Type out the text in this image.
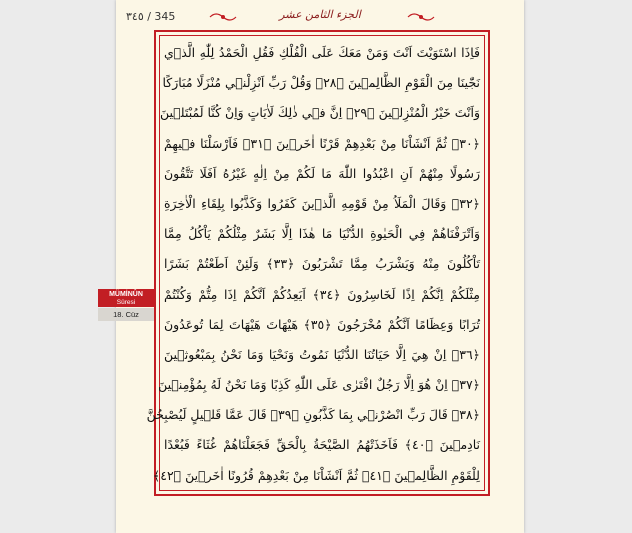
٣٤٥ / 345	الجزء الثامن عشر
فَاِذَا اسْتَوَيْتَ اَنْتَ وَمَنْ مَعَكَ عَلَى الْفُلْكِ فَقُلِ الْحَمْدُ لِلّٰهِ الَّذ۪ي
نَجّٰينَا مِنَ الْقَوْمِ الظَّالِم۪ينَ ﴿٢٨﴾ وَقُلْ رَبِّ اَنْزِلْن۪ي مُنْزَلًا مُبَارَكًا
وَاَنْتَ خَيْرُ الْمُنْزِل۪ينَ ﴿٢٩﴾ اِنَّ ف۪ي ذٰلِكَ لَاٰيَاتٍ وَاِنْ كُنَّا لَمُبْتَل۪ينَ
﴿٣٠﴾ ثُمَّ اَنْشَاْنَا مِنْ بَعْدِهِمْ قَرْنًا اٰخَر۪ينَ ﴿٣١﴾ فَاَرْسَلْنَا ف۪يهِمْ
رَسُولًا مِنْهُمْ اَنِ اعْبُدُوا اللّٰهَ مَا لَكُمْ مِنْ اِلٰهٍ غَيْرُهُ اَفَلَا تَتَّقُونَ
﴿٣٢﴾ وَقَالَ الْمَلَاُ مِنْ قَوْمِهِ الَّذ۪ينَ كَفَرُوا وَكَذَّبُوا بِلِقَاءِ الْاٰخِرَةِ
وَاَتْرَفْنَاهُمْ فِي الْحَيٰوةِ الدُّنْيَا مَا هٰذَا اِلَّا بَشَرٌ مِثْلُكُمْ يَاْكُلُ مِمَّا
تَاْكُلُونَ مِنْهُ وَيَشْرَبُ مِمَّا تَشْرَبُونَ ﴿٣٣﴾ وَلَئِنْ اَطَعْتُمْ بَشَرًا
مِثْلَكُمْ اِنَّكُمْ اِذًا لَخَاسِرُونَ ﴿٣٤﴾ اَيَعِدُكُمْ اَنَّكُمْ اِذَا مِتُّمْ وَكُنْتُمْ
تُرَابًا وَعِظَامًا اَنَّكُمْ مُخْرَجُونَ ﴿٣٥﴾ هَيْهَاتَ هَيْهَاتَ لِمَا تُوعَدُونَ
﴿٣٦﴾ اِنْ هِيَ اِلَّا حَيَاتُنَا الدُّنْيَا نَمُوتُ وَنَحْيَا وَمَا نَحْنُ بِمَبْعُوث۪ينَ
﴿٣٧﴾ اِنْ هُوَ اِلَّا رَجُلٌ افْتَرٰى عَلَى اللّٰهِ كَذِبًا وَمَا نَحْنُ لَهُ بِمُؤْمِن۪ينَ
﴿٣٨﴾ قَالَ رَبِّ انْصُرْن۪ي بِمَا كَذَّبُونِ ﴿٣٩﴾ قَالَ عَمَّا قَل۪يلٍ لَيُصْبِحُنَّ
نَادِم۪ينَ ﴿٤٠﴾ فَاَخَذَتْهُمُ الصَّيْحَةُ بِالْحَقِّ فَجَعَلْنَاهُمْ غُثَاءً فَبُعْدًا
لِلْقَوْمِ الظَّالِم۪ينَ ﴿٤١﴾ ثُمَّ اَنْشَاْنَا مِنْ بَعْدِهِمْ قُرُونًا اٰخَر۪ينَ ﴿٤٢﴾
MÜMİNÛN
Sûresi
18. Cüz
